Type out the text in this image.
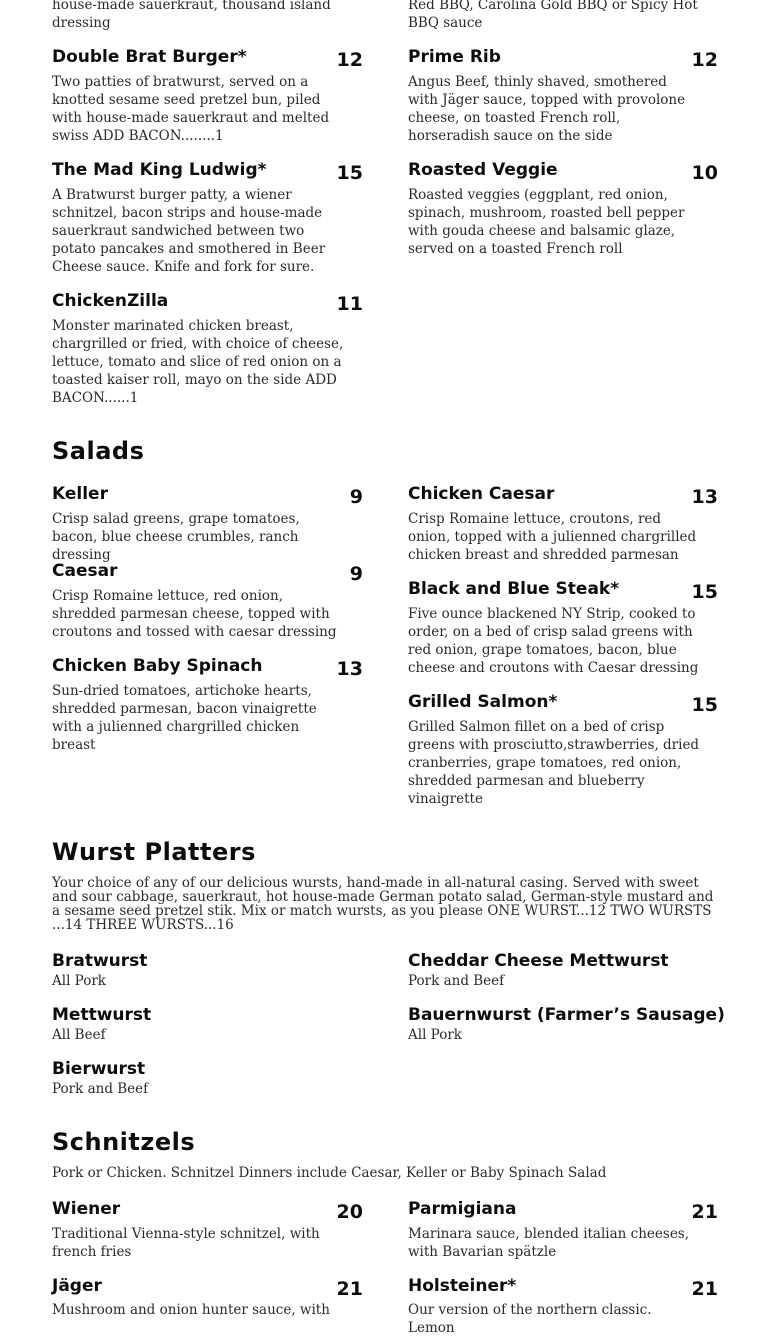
house-made sauerkraut, thousand island dressing
Red BBQ, Carolina Gold BBQ or Spicy Hot BBQ sauce
Double Brat Burger*	12
Two patties of bratwurst, served on a knotted sesame seed pretzel bun, piled with house-made sauerkraut and melted swiss ADD BACON........1
Prime Rib	12
Angus Beef, thinly shaved, smothered with Jäger sauce, topped with provolone cheese, on toasted French roll, horseradish sauce on the side
The Mad King Ludwig*	15
A Bratwurst burger patty, a wiener schnitzel, bacon strips and house-made sauerkraut sandwiched between two potato pancakes and smothered in Beer Cheese sauce. Knife and fork for sure.
Roasted Veggie	10
Roasted veggies (eggplant, red onion, spinach, mushroom, roasted bell pepper with gouda cheese and balsamic glaze, served on a toasted French roll
ChickenZilla	11
Monster marinated chicken breast, chargrilled or fried, with choice of cheese, lettuce, tomato and slice of red onion on a toasted kaiser roll, mayo on the side ADD BACON......1
Salads
Keller	9
Crisp salad greens, grape tomatoes, bacon, blue cheese crumbles, ranch dressing
Chicken Caesar	13
Crisp Romaine lettuce, croutons, red onion, topped with a julienned chargrilled chicken breast and shredded parmesan
Caesar	9
Crisp Romaine lettuce, red onion, shredded parmesan cheese, topped with croutons and tossed with caesar dressing
Black and Blue Steak*	15
Five ounce blackened NY Strip, cooked to order, on a bed of crisp salad greens with red onion, grape tomatoes, bacon, blue cheese and croutons with Caesar dressing
Chicken Baby Spinach	13
Sun-dried tomatoes, artichoke hearts, shredded parmesan, bacon vinaigrette with a julienned chargrilled chicken breast
Grilled Salmon*	15
Grilled Salmon fillet on a bed of crisp greens with prosciutto,strawberries, dried cranberries, grape tomatoes, red onion, shredded parmesan and blueberry vinaigrette
Wurst Platters
Your choice of any of our delicious wursts, hand-made in all-natural casing. Served with sweet and sour cabbage, sauerkraut, hot house-made German potato salad, German-style mustard and a sesame seed pretzel stik. Mix or match wursts, as you please ONE WURST...12 TWO WURSTS ...14 THREE WURSTS...16
Bratwurst
All Pork
Cheddar Cheese Mettwurst
Pork and Beef
Mettwurst
All Beef
Bauernwurst (Farmer’s Sausage)
All Pork
Bierwurst
Pork and Beef
Schnitzels
Pork or Chicken. Schnitzel Dinners include Caesar, Keller or Baby Spinach Salad
Wiener	20
Traditional Vienna-style schnitzel, with french fries
Parmigiana	21
Marinara sauce, blended italian cheeses, with Bavarian spätzle
Jäger	21
Mushroom and onion hunter sauce, with
Holsteiner*	21
Our version of the northern classic. Lemon
